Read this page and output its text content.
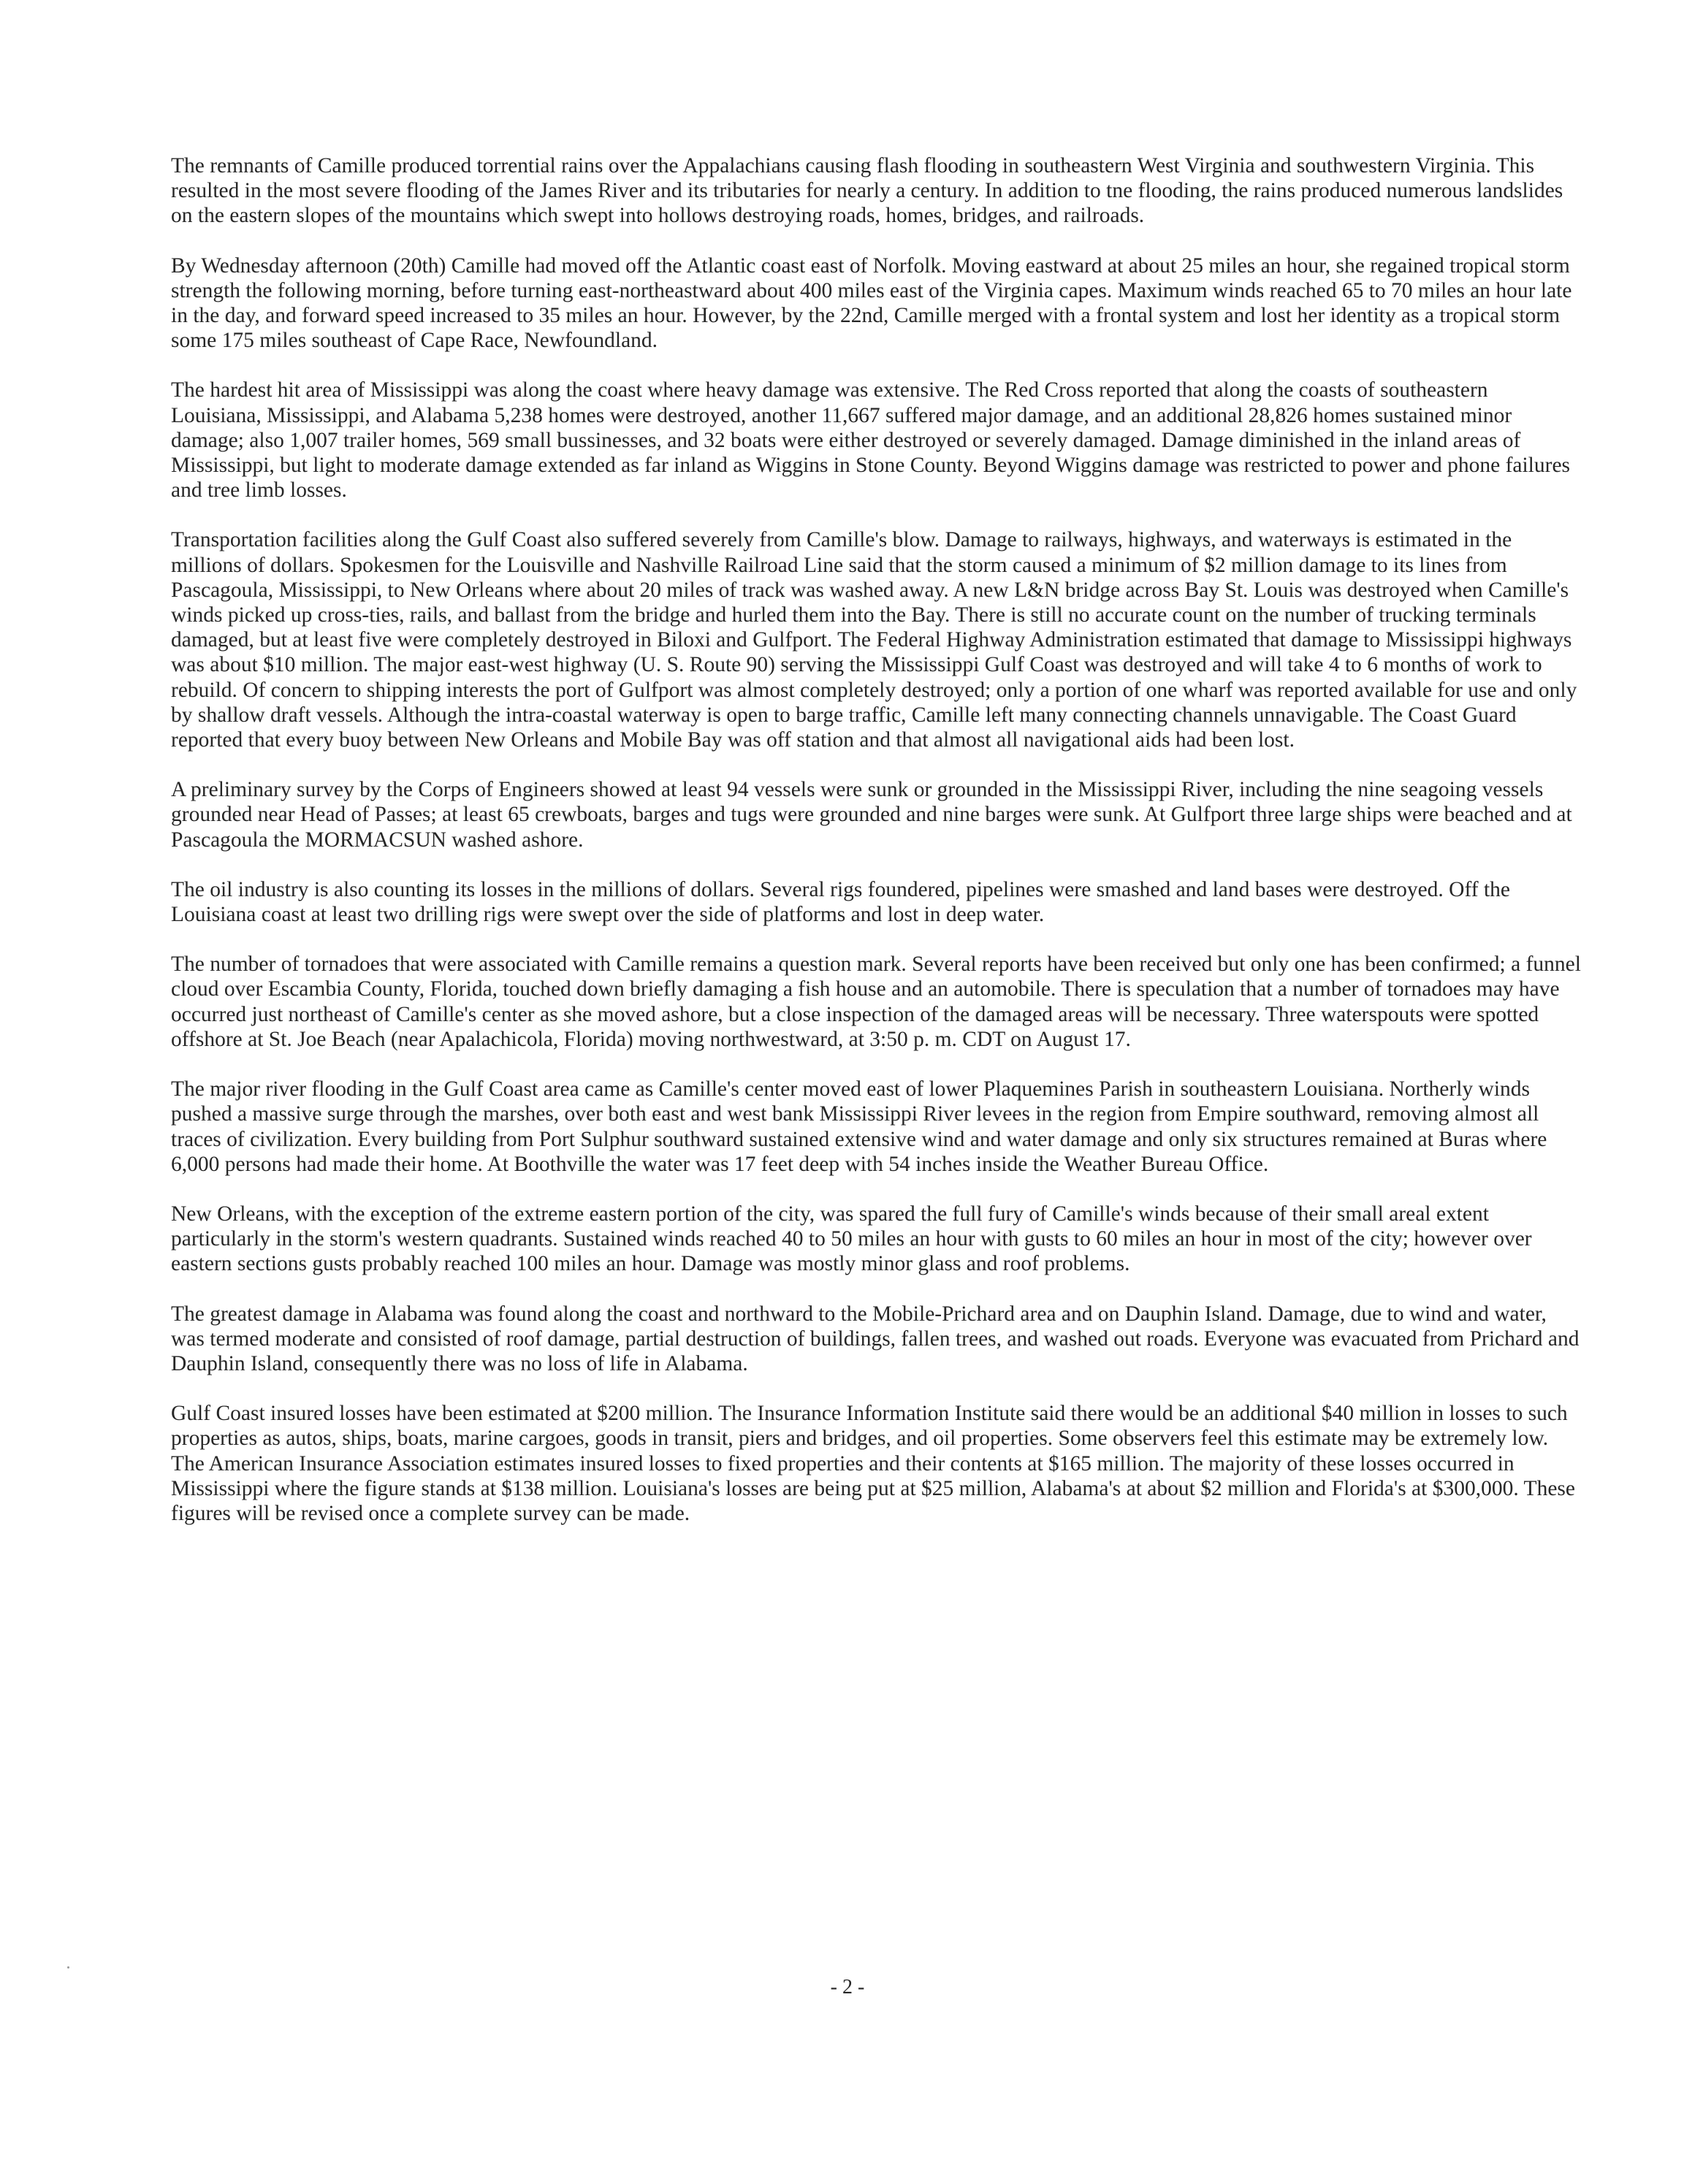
The remnants of Camille produced torrential rains over the Appalachians causing flash flooding in southeastern West Virginia and southwestern Virginia. This resulted in the most severe flooding of the James River and its tributaries for nearly a century. In addition to tne flooding, the rains produced numerous landslides on the eastern slopes of the mountains which swept into hollows destroying roads, homes, bridges, and railroads.

By Wednesday afternoon (20th) Camille had moved off the Atlantic coast east of Norfolk. Moving eastward at about 25 miles an hour, she regained tropical storm strength the following morning, before turning east-northeastward about 400 miles east of the Virginia capes. Maximum winds reached 65 to 70 miles an hour late in the day, and forward speed increased to 35 miles an hour. However, by the 22nd, Camille merged with a frontal system and lost her identity as a tropical storm some 175 miles southeast of Cape Race, Newfoundland.

The hardest hit area of Mississippi was along the coast where heavy damage was extensive. The Red Cross reported that along the coasts of southeastern Louisiana, Mississippi, and Alabama 5,238 homes were destroyed, another 11,667 suffered major damage, and an additional 28,826 homes sustained minor damage; also 1,007 trailer homes, 569 small bussinesses, and 32 boats were either destroyed or severely damaged. Damage diminished in the inland areas of Mississippi, but light to moderate damage extended as far inland as Wiggins in Stone County. Beyond Wiggins damage was restricted to power and phone failures and tree limb losses.

Transportation facilities along the Gulf Coast also suffered severely from Camille's blow. Damage to railways, highways, and waterways is estimated in the millions of dollars. Spokesmen for the Louisville and Nashville Railroad Line said that the storm caused a minimum of $2 million damage to its lines from Pascagoula, Mississippi, to New Orleans where about 20 miles of track was washed away. A new L&N bridge across Bay St. Louis was destroyed when Camille's winds picked up cross-ties, rails, and ballast from the bridge and hurled them into the Bay. There is still no accurate count on the number of trucking terminals damaged, but at least five were completely destroyed in Biloxi and Gulfport. The Federal Highway Administration estimated that damage to Mississippi highways was about $10 million. The major east-west highway (U. S. Route 90) serving the Mississippi Gulf Coast was destroyed and will take 4 to 6 months of work to rebuild. Of concern to shipping interests the port of Gulfport was almost completely destroyed; only a portion of one wharf was reported available for use and only by shallow draft vessels. Although the intra-coastal waterway is open to barge traffic, Camille left many connecting channels unnavigable. The Coast Guard reported that every buoy between New Orleans and Mobile Bay was off station and that almost all navigational aids had been lost.

A preliminary survey by the Corps of Engineers showed at least 94 vessels were sunk or grounded in the Mississippi River, including the nine seagoing vessels grounded near Head of Passes; at least 65 crewboats, barges and tugs were grounded and nine barges were sunk. At Gulfport three large ships were beached and at Pascagoula the MORMACSUN washed ashore.

The oil industry is also counting its losses in the millions of dollars. Several rigs foundered, pipelines were smashed and land bases were destroyed. Off the Louisiana coast at least two drilling rigs were swept over the side of platforms and lost in deep water.

The number of tornadoes that were associated with Camille remains a question mark. Several reports have been received but only one has been confirmed; a funnel cloud over Escambia County, Florida, touched down briefly damaging a fish house and an automobile. There is speculation that a number of tornadoes may have occurred just northeast of Camille's center as she moved ashore, but a close inspection of the damaged areas will be necessary. Three waterspouts were spotted offshore at St. Joe Beach (near Apalachicola, Florida) moving northwestward, at 3:50 p. m. CDT on August 17.

The major river flooding in the Gulf Coast area came as Camille's center moved east of lower Plaquemines Parish in southeastern Louisiana. Northerly winds pushed a massive surge through the marshes, over both east and west bank Mississippi River levees in the region from Empire southward, removing almost all traces of civilization. Every building from Port Sulphur southward sustained extensive wind and water damage and only six structures remained at Buras where 6,000 persons had made their home. At Boothville the water was 17 feet deep with 54 inches inside the Weather Bureau Office.

New Orleans, with the exception of the extreme eastern portion of the city, was spared the full fury of Camille's winds because of their small areal extent particularly in the storm's western quadrants. Sustained winds reached 40 to 50 miles an hour with gusts to 60 miles an hour in most of the city; however over eastern sections gusts probably reached 100 miles an hour. Damage was mostly minor glass and roof problems.

The greatest damage in Alabama was found along the coast and northward to the Mobile-Prichard area and on Dauphin Island. Damage, due to wind and water, was termed moderate and consisted of roof damage, partial destruction of buildings, fallen trees, and washed out roads. Everyone was evacuated from Prichard and Dauphin Island, consequently there was no loss of life in Alabama.

Gulf Coast insured losses have been estimated at $200 million. The Insurance Information Institute said there would be an additional $40 million in losses to such properties as autos, ships, boats, marine cargoes, goods in transit, piers and bridges, and oil properties. Some observers feel this estimate may be extremely low. The American Insurance Association estimates insured losses to fixed properties and their contents at $165 million. The majority of these losses occurred in Mississippi where the figure stands at $138 million. Louisiana's losses are being put at $25 million, Alabama's at about $2 million and Florida's at $300,000. These figures will be revised once a complete survey can be made.

- 2 -
